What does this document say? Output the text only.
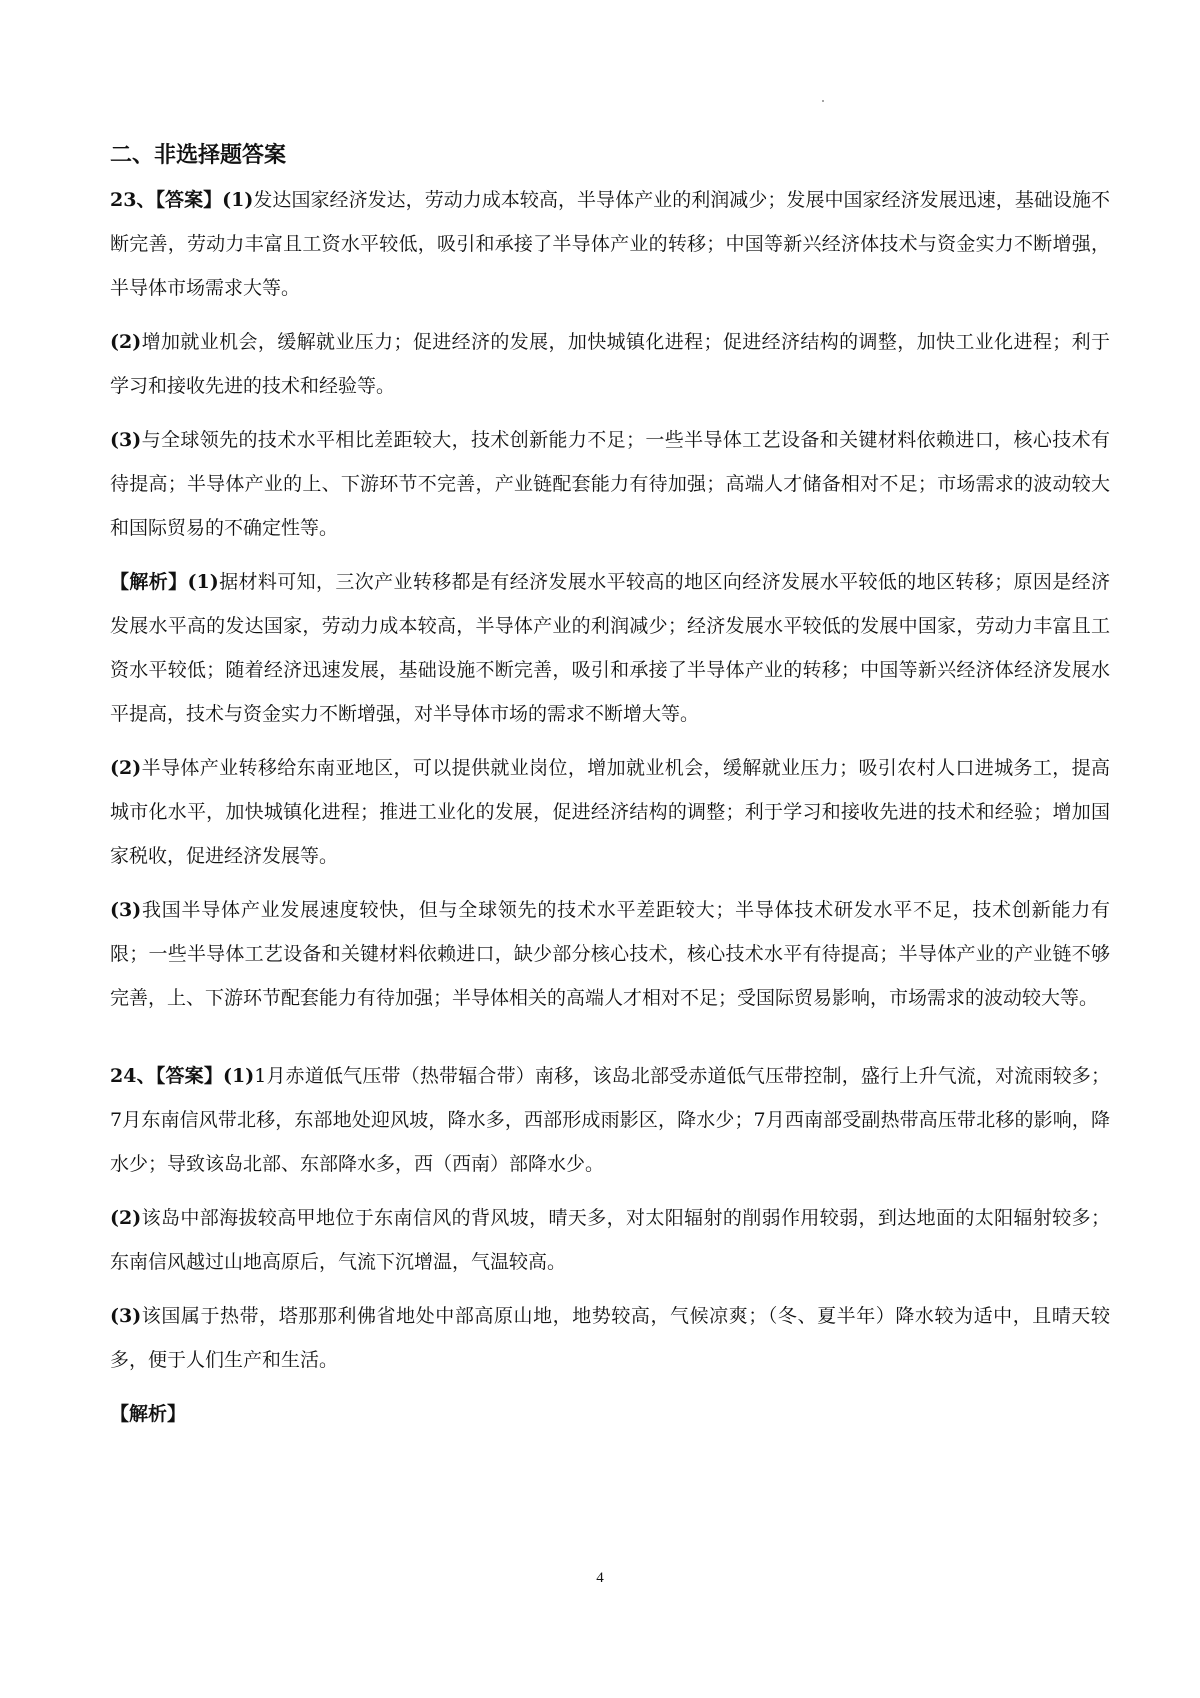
二、非选择题答案

23、【答案】(1)发达国家经济发达，劳动力成本较高，半导体产业的利润减少；发展中国家经济发展迅速，基础设施不断完善，劳动力丰富且工资水平较低，吸引和承接了半导体产业的转移；中国等新兴经济体技术与资金实力不断增强，半导体市场需求大等。

(2)增加就业机会，缓解就业压力；促进经济的发展，加快城镇化进程；促进经济结构的调整，加快工业化进程；利于学习和接收先进的技术和经验等。

(3)与全球领先的技术水平相比差距较大，技术创新能力不足；一些半导体工艺设备和关键材料依赖进口，核心技术有待提高；半导体产业的上、下游环节不完善，产业链配套能力有待加强；高端人才储备相对不足；市场需求的波动较大和国际贸易的不确定性等。

【解析】(1)据材料可知，三次产业转移都是有经济发展水平较高的地区向经济发展水平较低的地区转移；原因是经济发展水平高的发达国家，劳动力成本较高，半导体产业的利润减少；经济发展水平较低的发展中国家，劳动力丰富且工资水平较低；随着经济迅速发展，基础设施不断完善，吸引和承接了半导体产业的转移；中国等新兴经济体经济发展水平提高，技术与资金实力不断增强，对半导体市场的需求不断增大等。

(2)半导体产业转移给东南亚地区，可以提供就业岗位，增加就业机会，缓解就业压力；吸引农村人口进城务工，提高城市化水平，加快城镇化进程；推进工业化的发展，促进经济结构的调整；利于学习和接收先进的技术和经验；增加国家税收，促进经济发展等。

(3)我国半导体产业发展速度较快，但与全球领先的技术水平差距较大；半导体技术研发水平不足，技术创新能力有限；一些半导体工艺设备和关键材料依赖进口，缺少部分核心技术，核心技术水平有待提高；半导体产业的产业链不够完善，上、下游环节配套能力有待加强；半导体相关的高端人才相对不足；受国际贸易影响，市场需求的波动较大等。

24、【答案】(1)1月赤道低气压带（热带辐合带）南移，该岛北部受赤道低气压带控制，盛行上升气流，对流雨较多；7月东南信风带北移，东部地处迎风坡，降水多，西部形成雨影区，降水少；7月西南部受副热带高压带北移的影响，降水少；导致该岛北部、东部降水多，西（西南）部降水少。

(2)该岛中部海拔较高甲地位于东南信风的背风坡，晴天多，对太阳辐射的削弱作用较弱，到达地面的太阳辐射较多；东南信风越过山地高原后，气流下沉增温，气温较高。

(3)该国属于热带，塔那那利佛省地处中部高原山地，地势较高，气候凉爽；（冬、夏半年）降水较为适中，且晴天较多，便于人们生产和生活。

【解析】

4
